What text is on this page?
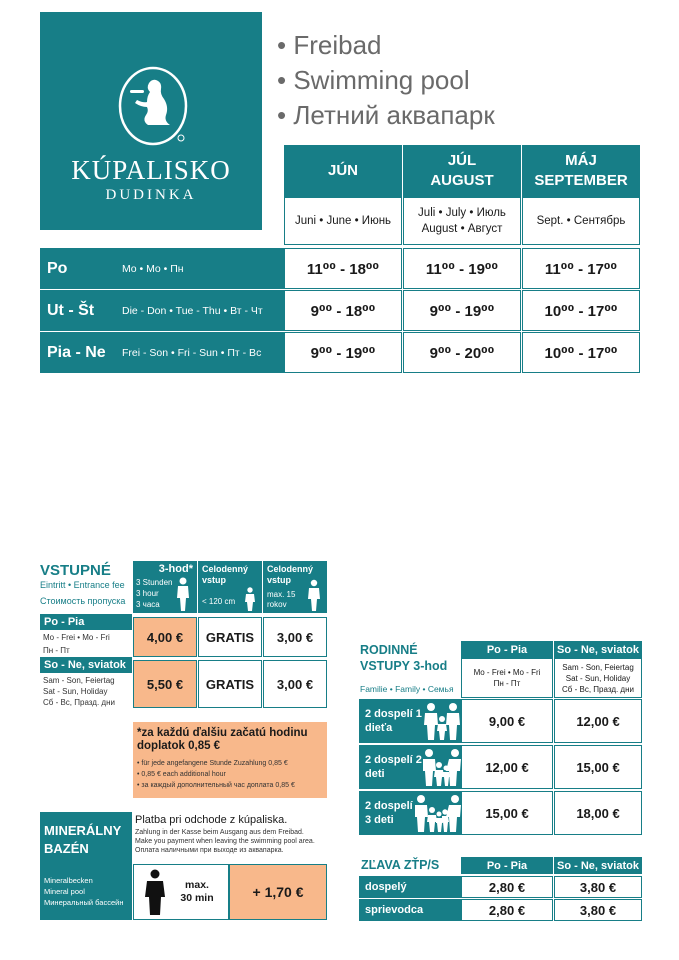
KÚPALISKO
DUDINKA
• Freibad
• Swimming pool
• Летний аквапарк
JÚN
JÚL AUGUST
MÁJ SEPTEMBER
Juni • June • Июнь
Juli • July • Июль August • Август
Sept. • Сентябрь
Po	Mo • Mo • Пн	11⁰⁰ - 18⁰⁰	11⁰⁰ - 19⁰⁰	11⁰⁰ - 17⁰⁰
Ut - Št	Die - Don • Tue - Thu • Вт - Чт	9⁰⁰ - 18⁰⁰	9⁰⁰ - 19⁰⁰	10⁰⁰ - 17⁰⁰
Pia - Ne	Frei - Son • Fri - Sun • Пт - Вс	9⁰⁰ - 19⁰⁰	9⁰⁰ - 20⁰⁰	10⁰⁰ - 17⁰⁰
www.kupeledudince.sk
VSTUPNÉ
Eintritt • Entrance fee
Стоимость пропуска
3-hod*
3 Stunden
3 hour
3 часа
Celodenný vstup
< 120 cm
Celodenný vstup
max. 15 rokov
Po - Pia
Mo - Frei • Mo - Fri
Пн - Пт
4,00 €	GRATIS	3,00 €
So - Ne, sviatok
Sam - Son, Feiertag
Sat - Sun, Holiday
Сб - Вс, Празд. дни
5,50 €	GRATIS	3,00 €
*za každú ďalšiu začatú hodinu doplatok 0,85 €
• für jede angefangene Stunde Zuzahlung 0,85 €
• 0,85 € each additional hour
• за каждый дополнительный час доплата 0,85 €
MINERÁLNY BAZÉN
Mineralbecken
Mineral pool
Минеральный бассейн
Platba pri odchode z kúpaliska.
Zahlung in der Kasse beim Ausgang aus dem Freibad.
Make you payment when leaving the swimming pool area.
Оплата наличными при выходе из аквапарка.
max. 30 min	+ 1,70 €
RODINNÉ VSTUPY 3-hod
Familie • Family • Семья
Po - Pia	So - Ne, sviatok
Mo - Frei • Mo - Fri
Пн - Пт
Sam - Son, Feiertag
Sat - Sun, Holiday
Сб - Вс, Празд. дни
2 dospelí 1 dieťa	9,00 €	12,00 €
2 dospelí 2 deti	12,00 €	15,00 €
2 dospelí 3 deti	15,00 €	18,00 €
ZĽAVA ZŤP/S	Po - Pia	So - Ne, sviatok
dospelý	2,80 €	3,80 €
sprievodca	2,80 €	3,80 €
